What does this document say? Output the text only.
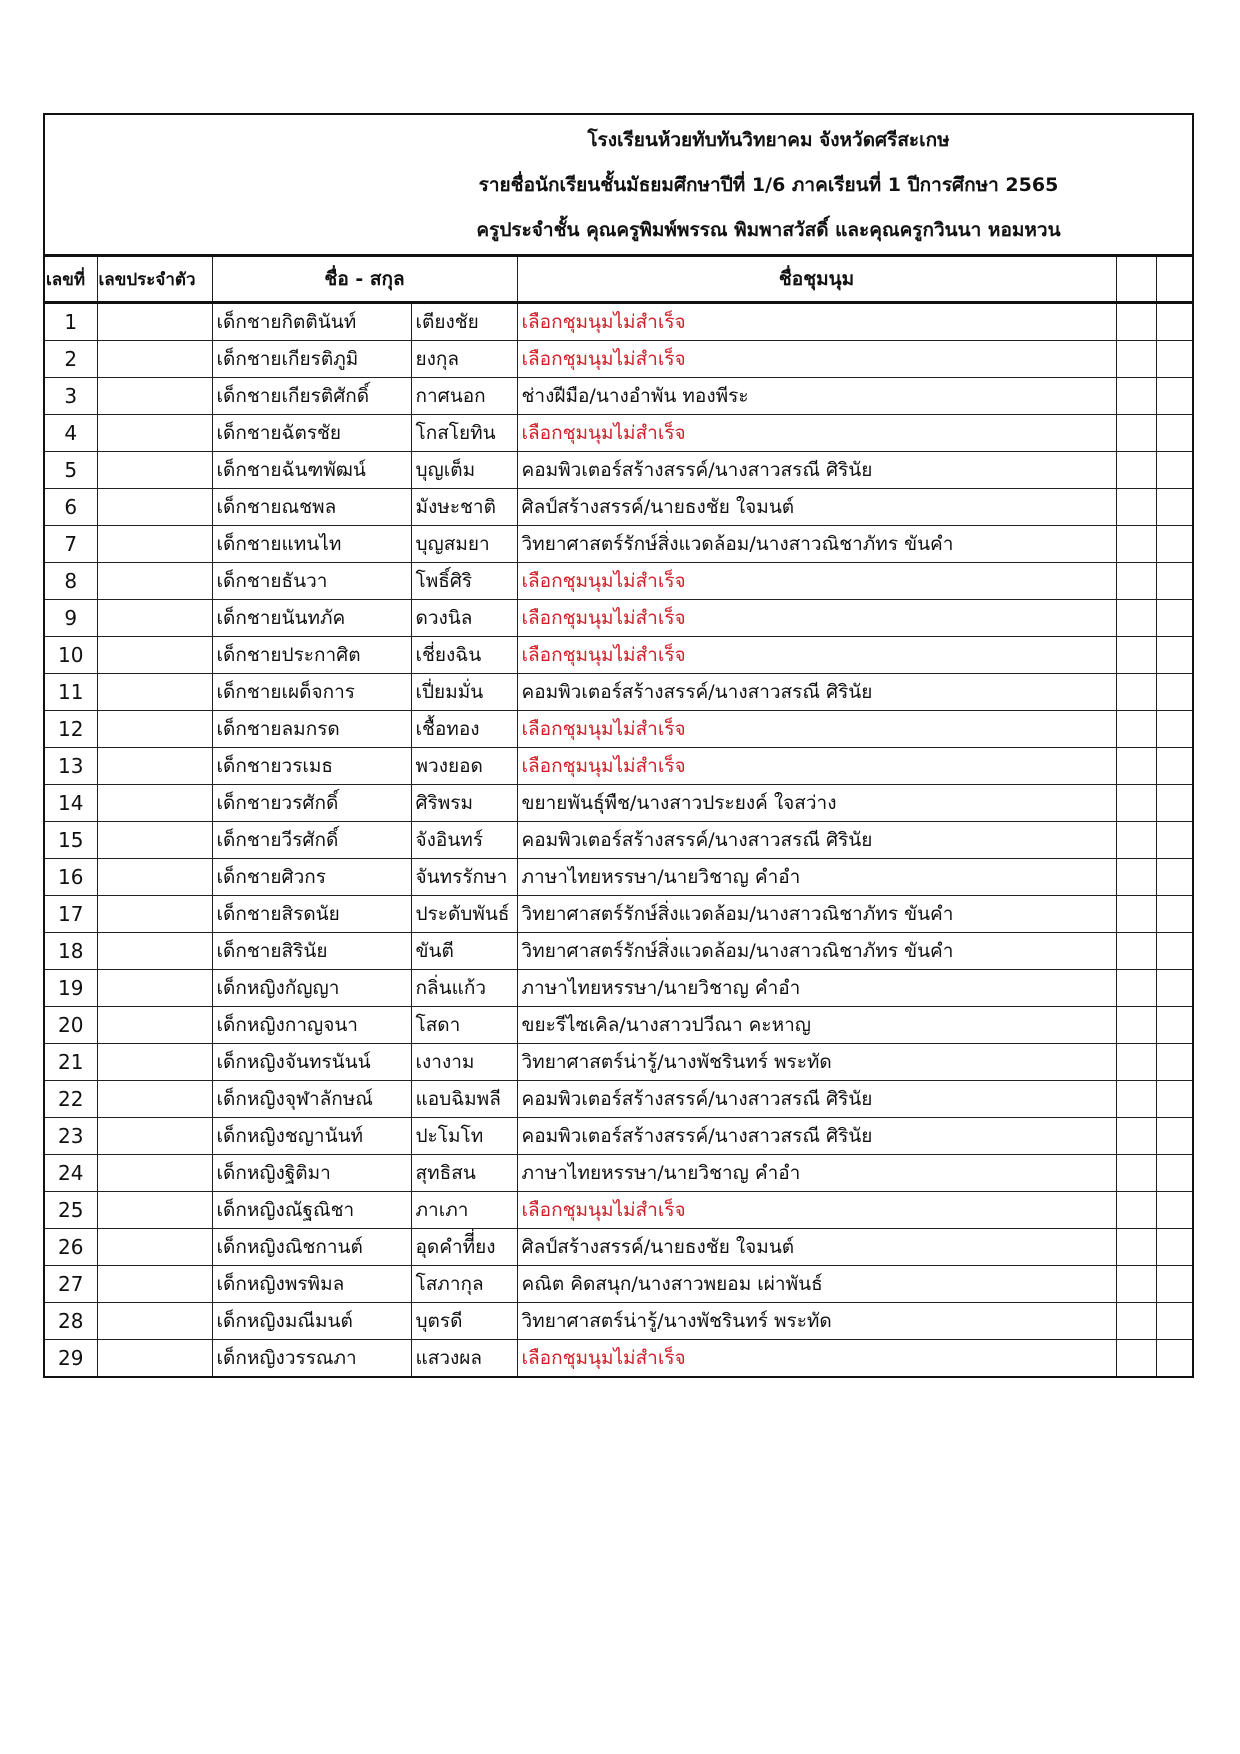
โรงเรียนห้วยทับทันวิทยาคม จังหวัดศรีสะเกษ
รายชื่อนักเรียนชั้นมัธยมศึกษาปีที่ 1/6 ภาคเรียนที่ 1 ปีการศึกษา 2565
ครูประจำชั้น คุณครูพิมพ์พรรณ พิมพาสวัสดิ์ และคุณครูกวินนา หอมหวน
เลขที่	เลขประจำตัว	ชื่อ - สกุล		ชื่อชุมนุม		
1		เด็กชายกิตตินันท์	เตียงชัย	เลือกชุมนุมไม่สำเร็จ		
2		เด็กชายเกียรติภูมิ	ยงกุล	เลือกชุมนุมไม่สำเร็จ		
3		เด็กชายเกียรติศักดิ์	กาศนอก	ช่างฝีมือ/นางอำพัน ทองพีระ		
4		เด็กชายฉัตรชัย	โกสโยทิน	เลือกชุมนุมไม่สำเร็จ		
5		เด็กชายฉันฑพัฒน์	บุญเต็ม	คอมพิวเตอร์สร้างสรรค์/นางสาวสรณี ศิรินัย		
6		เด็กชายณชพล	มังษะชาติ	ศิลป์สร้างสรรค์/นายธงชัย ใจมนต์		
7		เด็กชายแทนไท	บุญสมยา	วิทยาศาสตร์รักษ์สิ่งแวดล้อม/นางสาวณิชาภัทร ขันคำ		
8		เด็กชายธันวา	โพธิ์ศิริ	เลือกชุมนุมไม่สำเร็จ		
9		เด็กชายนันทภัค	ดวงนิล	เลือกชุมนุมไม่สำเร็จ		
10		เด็กชายประกาศิต	เชี่ยงฉิน	เลือกชุมนุมไม่สำเร็จ		
11		เด็กชายเผด็จการ	เปี่ยมมั่น	คอมพิวเตอร์สร้างสรรค์/นางสาวสรณี ศิรินัย		
12		เด็กชายลมกรด	เชื้อทอง	เลือกชุมนุมไม่สำเร็จ		
13		เด็กชายวรเมธ	พวงยอด	เลือกชุมนุมไม่สำเร็จ		
14		เด็กชายวรศักดิ์	ศิริพรม	ขยายพันธุ์พืช/นางสาวประยงค์ ใจสว่าง		
15		เด็กชายวีรศักดิ์	จังอินทร์	คอมพิวเตอร์สร้างสรรค์/นางสาวสรณี ศิรินัย		
16		เด็กชายศิวกร	จันทรรักษา	ภาษาไทยหรรษา/นายวิชาญ คำอำ		
17		เด็กชายสิรดนัย	ประดับพันธ์	วิทยาศาสตร์รักษ์สิ่งแวดล้อม/นางสาวณิชาภัทร ขันคำ		
18		เด็กชายสิรินัย	ขันตี	วิทยาศาสตร์รักษ์สิ่งแวดล้อม/นางสาวณิชาภัทร ขันคำ		
19		เด็กหญิงกัญญา	กลิ่นแก้ว	ภาษาไทยหรรษา/นายวิชาญ คำอำ		
20		เด็กหญิงกาญจนา	โสดา	ขยะรีไซเคิล/นางสาวปวีณา คะหาญ		
21		เด็กหญิงจันทรนันน์	เงางาม	วิทยาศาสตร์น่ารู้/นางพัชรินทร์ พระทัด		
22		เด็กหญิงจุฬาลักษณ์	แอบฉิมพลี	คอมพิวเตอร์สร้างสรรค์/นางสาวสรณี ศิรินัย		
23		เด็กหญิงชญานันท์	ปะโมโท	คอมพิวเตอร์สร้างสรรค์/นางสาวสรณี ศิรินัย		
24		เด็กหญิงฐิติมา	สุทธิสน	ภาษาไทยหรรษา/นายวิชาญ คำอำ		
25		เด็กหญิงณัฐณิชา	ภาเภา	เลือกชุมนุมไม่สำเร็จ		
26		เด็กหญิงณิชกานต์	อุดคำทีี่ยง	ศิลป์สร้างสรรค์/นายธงชัย ใจมนต์		
27		เด็กหญิงพรพิมล	โสภากุล	คณิต คิดสนุก/นางสาวพยอม เผ่าพันธ์		
28		เด็กหญิงมณีมนต์	บุตรดี	วิทยาศาสตร์น่ารู้/นางพัชรินทร์ พระทัด		
29		เด็กหญิงวรรณภา	แสวงผล	เลือกชุมนุมไม่สำเร็จ		
